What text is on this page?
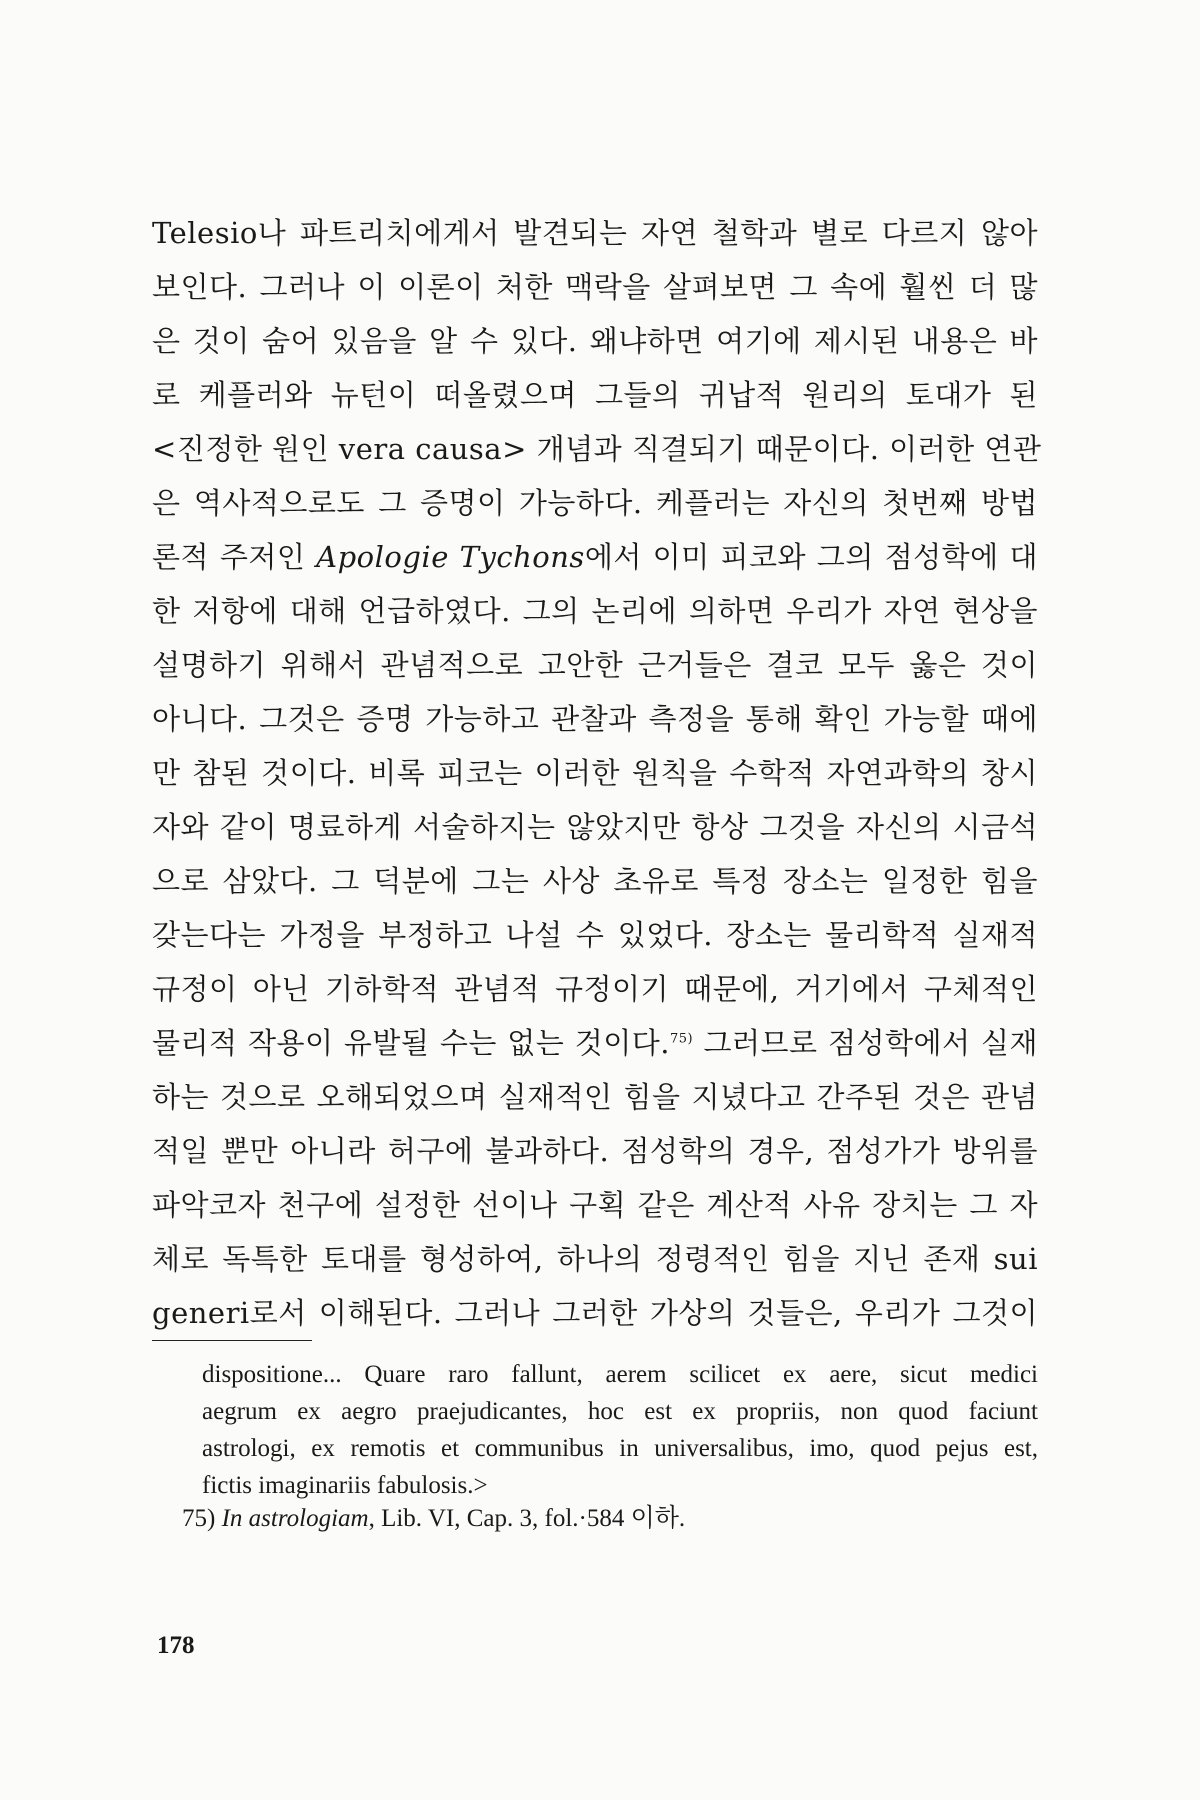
Telesio나 파트리치에게서 발견되는 자연 철학과 별로 다르지 않아
보인다. 그러나 이 이론이 처한 맥락을 살펴보면 그 속에 훨씬 더 많
은 것이 숨어 있음을 알 수 있다. 왜냐하면 여기에 제시된 내용은 바
로 케플러와 뉴턴이 떠올렸으며 그들의 귀납적 원리의 토대가 된
<진정한 원인 vera causa> 개념과 직결되기 때문이다. 이러한 연관
은 역사적으로도 그 증명이 가능하다. 케플러는 자신의 첫번째 방법
론적 주저인 Apologie Tychons에서 이미 피코와 그의 점성학에 대
한 저항에 대해 언급하였다. 그의 논리에 의하면 우리가 자연 현상을
설명하기 위해서 관념적으로 고안한 근거들은 결코 모두 옳은 것이
아니다. 그것은 증명 가능하고 관찰과 측정을 통해 확인 가능할 때에
만 참된 것이다. 비록 피코는 이러한 원칙을 수학적 자연과학의 창시
자와 같이 명료하게 서술하지는 않았지만 항상 그것을 자신의 시금석
으로 삼았다. 그 덕분에 그는 사상 초유로 특정 장소는 일정한 힘을
갖는다는 가정을 부정하고 나설 수 있었다. 장소는 물리학적 실재적
규정이 아닌 기하학적 관념적 규정이기 때문에, 거기에서 구체적인
물리적 작용이 유발될 수는 없는 것이다.$^{75)}$ 그러므로 점성학에서 실재
하는 것으로 오해되었으며 실재적인 힘을 지녔다고 간주된 것은 관념
적일 뿐만 아니라 허구에 불과하다. 점성학의 경우, 점성가가 방위를
파악코자 천구에 설정한 선이나 구획 같은 계산적 사유 장치는 그 자
체로 독특한 토대를 형성하여, 하나의 정령적인 힘을 지닌 존재 sui
generi로서 이해된다. 그러나 그러한 가상의 것들은, 우리가 그것이
dispositione... Quare raro fallunt, aerem scilicet ex aere, sicut medici
aegrum ex aegro praejudicantes, hoc est ex propriis, non quod faciunt
astrologi, ex remotis et communibus in universalibus, imo, quod pejus est,
fictis imaginariis fabulosis.>
75) In astrologiam, Lib. VI, Cap. 3, fol.·584 이하.
178
